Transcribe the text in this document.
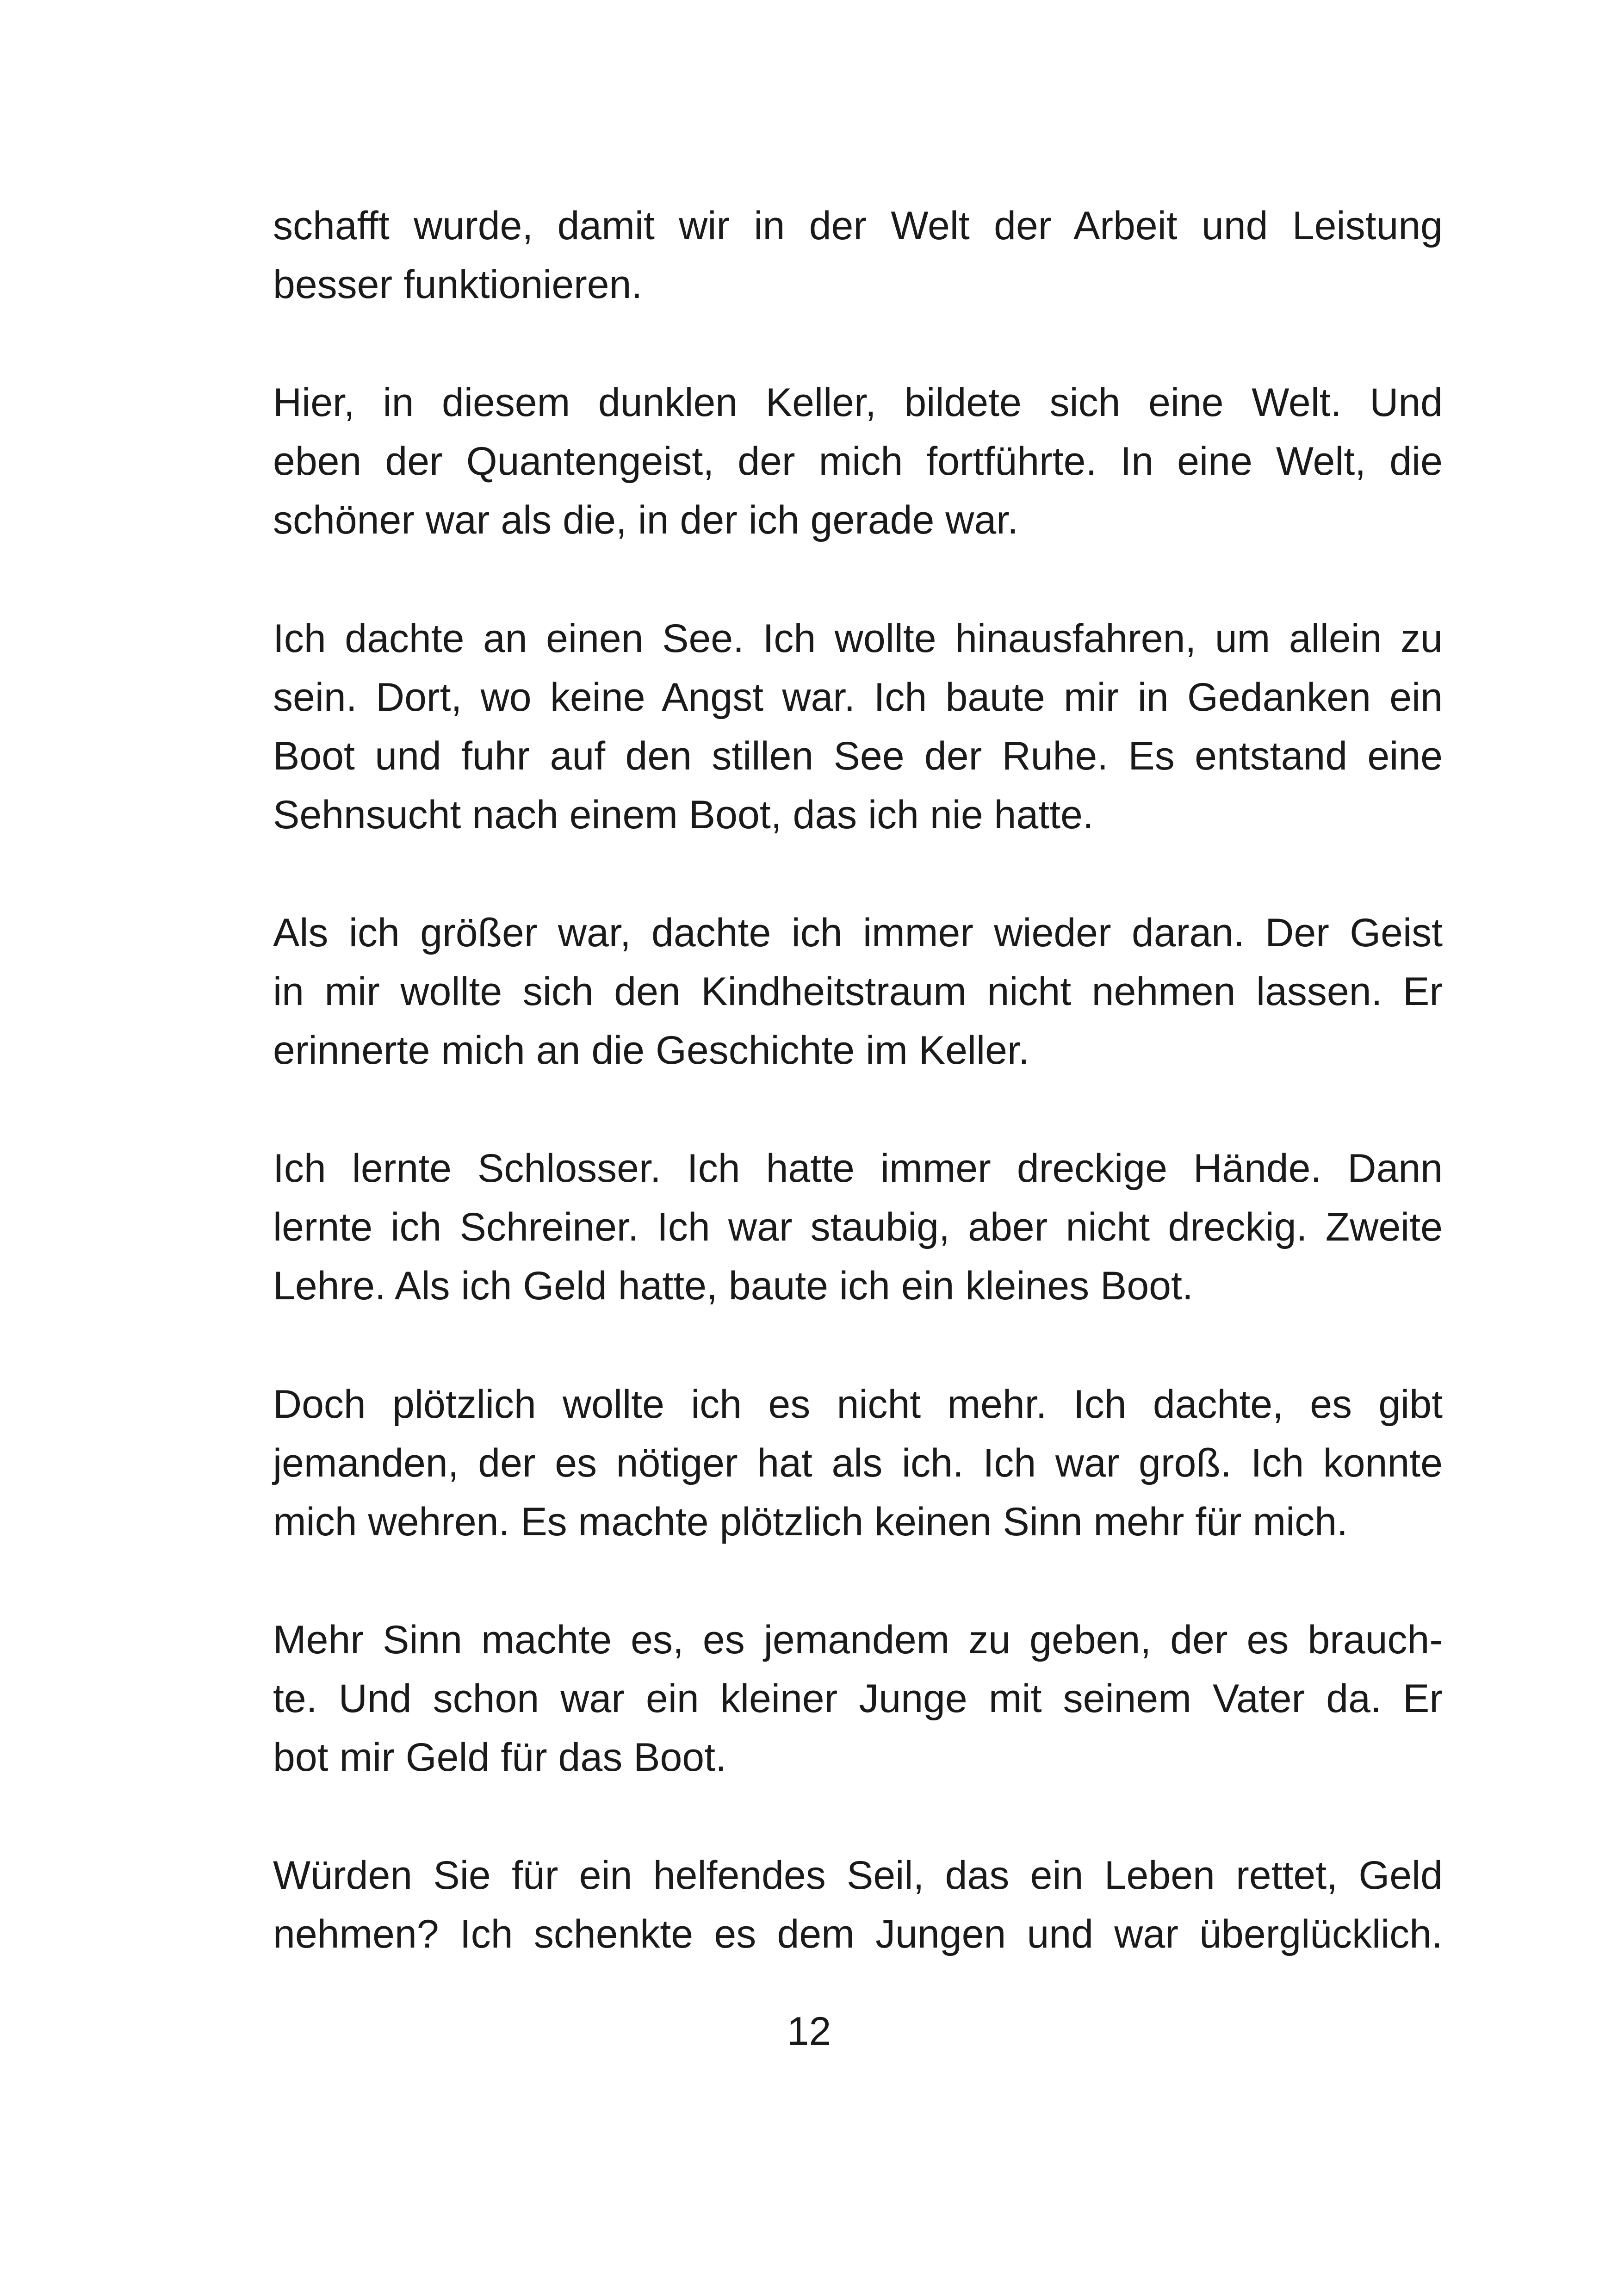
schafft wurde, damit wir in der Welt der Arbeit und Leistung
besser funktionieren.
Hier, in diesem dunklen Keller, bildete sich eine Welt. Und
eben der Quantengeist, der mich fortführte. In eine Welt, die
schöner war als die, in der ich gerade war.
Ich dachte an einen See. Ich wollte hinausfahren, um allein zu
sein. Dort, wo keine Angst war. Ich baute mir in Gedanken ein
Boot und fuhr auf den stillen See der Ruhe. Es entstand eine
Sehnsucht nach einem Boot, das ich nie hatte.
Als ich größer war, dachte ich immer wieder daran. Der Geist
in mir wollte sich den Kindheitstraum nicht nehmen lassen. Er
erinnerte mich an die Geschichte im Keller.
Ich lernte Schlosser. Ich hatte immer dreckige Hände. Dann
lernte ich Schreiner. Ich war staubig, aber nicht dreckig. Zweite
Lehre. Als ich Geld hatte, baute ich ein kleines Boot.
Doch plötzlich wollte ich es nicht mehr. Ich dachte, es gibt
jemanden, der es nötiger hat als ich. Ich war groß. Ich konnte
mich wehren. Es machte plötzlich keinen Sinn mehr für mich.
Mehr Sinn machte es, es jemandem zu geben, der es brauch-
te. Und schon war ein kleiner Junge mit seinem Vater da. Er
bot mir Geld für das Boot.
Würden Sie für ein helfendes Seil, das ein Leben rettet, Geld
nehmen? Ich schenkte es dem Jungen und war überglücklich.
12
